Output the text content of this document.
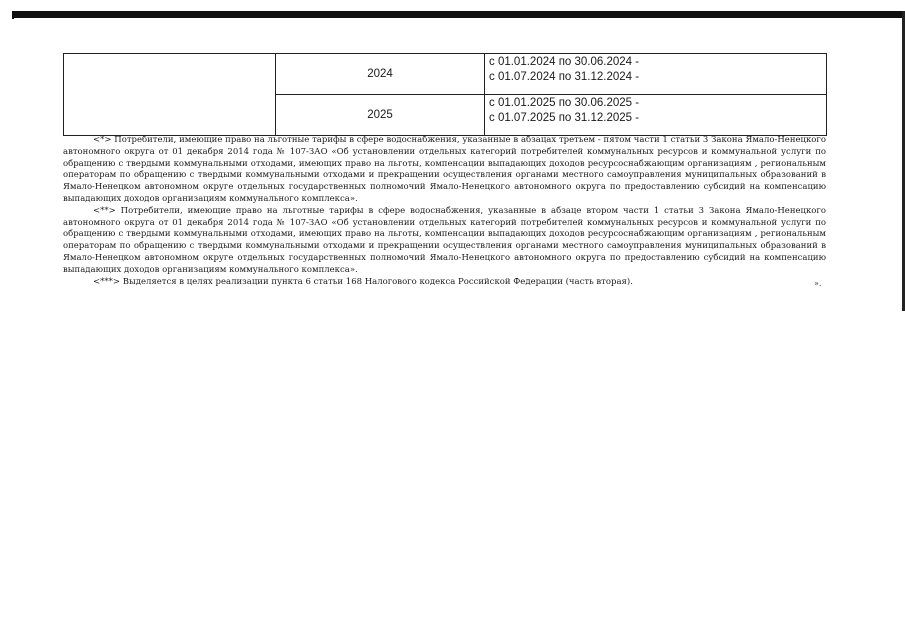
	2024	с 01.01.2024 по 30.06.2024 -
с 01.07.2024 по 31.12.2024 -

	2025	с 01.01.2025 по 30.06.2025 -
с 01.07.2025 по 31.12.2025 -

<*> Потребители, имеющие право на льготные тарифы в сфере водоснабжения, указанные в абзацах третьем - пятом части 1 статьи 3 Закона Ямало-Ненецкого автономного округа от 01 декабря 2014 года № 107-ЗАО «Об установлении отдельных категорий потребителей коммунальных ресурсов и коммунальной услуги по обращению с твердыми коммунальными отходами, имеющих право на льготы, компенсации выпадающих доходов ресурсоснабжающим организациям , региональным операторам по обращению с твердыми коммунальными отходами и прекращении осуществления органами местного самоуправления муниципальных образований в Ямало-Ненецком автономном округе отдельных государственных полномочий Ямало-Ненецкого автономного округа по предоставлению субсидий на компенсацию выпадающих доходов организациям коммунального комплекса».

<**> Потребители, имеющие право на льготные тарифы в сфере водоснабжения, указанные в абзаце втором части 1 статьи 3 Закона Ямало-Ненецкого автономного округа от 01 декабря 2014 года № 107-ЗАО «Об установлении отдельных категорий потребителей коммунальных ресурсов и коммунальной услуги по обращению с твердыми коммунальными отходами, имеющих право на льготы, компенсации выпадающих доходов ресурсоснабжающим организациям , региональным операторам по обращению с твердыми коммунальными отходами и прекращении осуществления органами местного самоуправления муниципальных образований в Ямало-Ненецком автономном округе отдельных государственных полномочий Ямало-Ненецкого автономного округа по предоставлению субсидий на компенсацию выпадающих доходов организациям коммунального комплекса».

<***> Выделяется в целях реализации пункта 6 статьи 168 Налогового кодекса Российской Федерации (часть вторая).	».
